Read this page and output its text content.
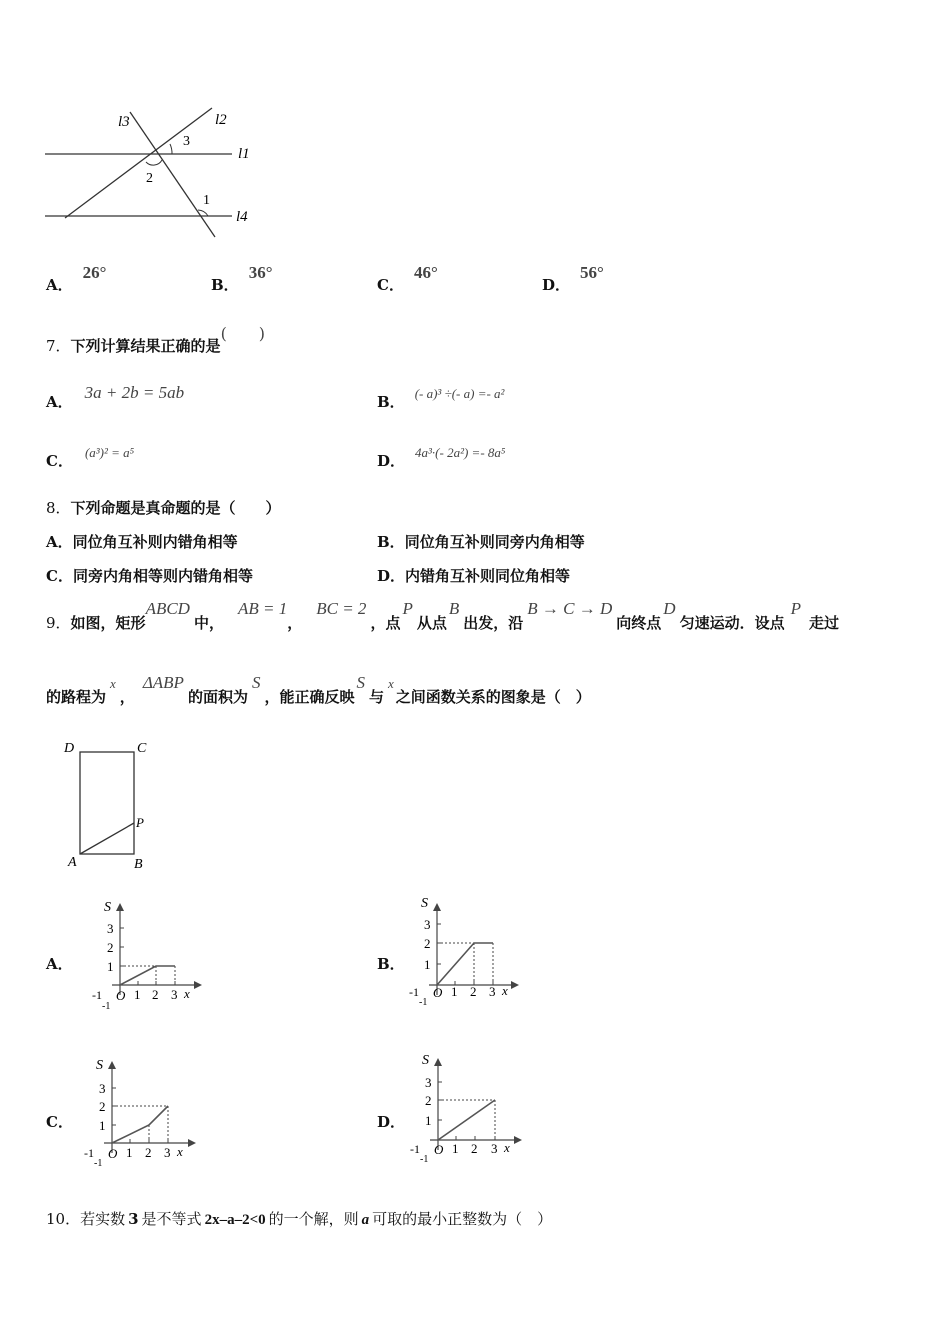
l3	l2
l1
l4
3
2
1
A．26°
B．36°
C．46°
D．56°
7．下列计算结果正确的是(　　)
A． 3a + 2b = 5ab	B． (- a)³ ÷(- a) =- a²
C． (a³)² = a⁵	D． 4a³·(- 2a²) =- 8a⁵
8．下列命题是真命题的是（　　）
A．同位角互补则内错角相等	B．同位角互补则同旁内角相等
C．同旁内角相等则内错角相等	D．内错角互补则同位角相等
9．如图，矩形ABCD中，AB = 1，BC = 2，点P从点B出发，沿B → C → D向终点D匀速运动．设点P走过
的路程为x，ΔABP的面积为S，能正确反映S与x之间函数关系的图象是（　）
D	C
P
A	B
A．	B．
C．	D．
S
3
2
1
-1
-1
O 1 2 3 x
S
3
2
1
-1
-1
O 1 2 3 x
S
3
2
1
-1
-1
O 1 2 3 x
S
3
2
1
-1
-1
O 1 2 3 x
10．若实数 3 是不等式 2x–a–2<0 的一个解，则 a 可取的最小正整数为（　）
